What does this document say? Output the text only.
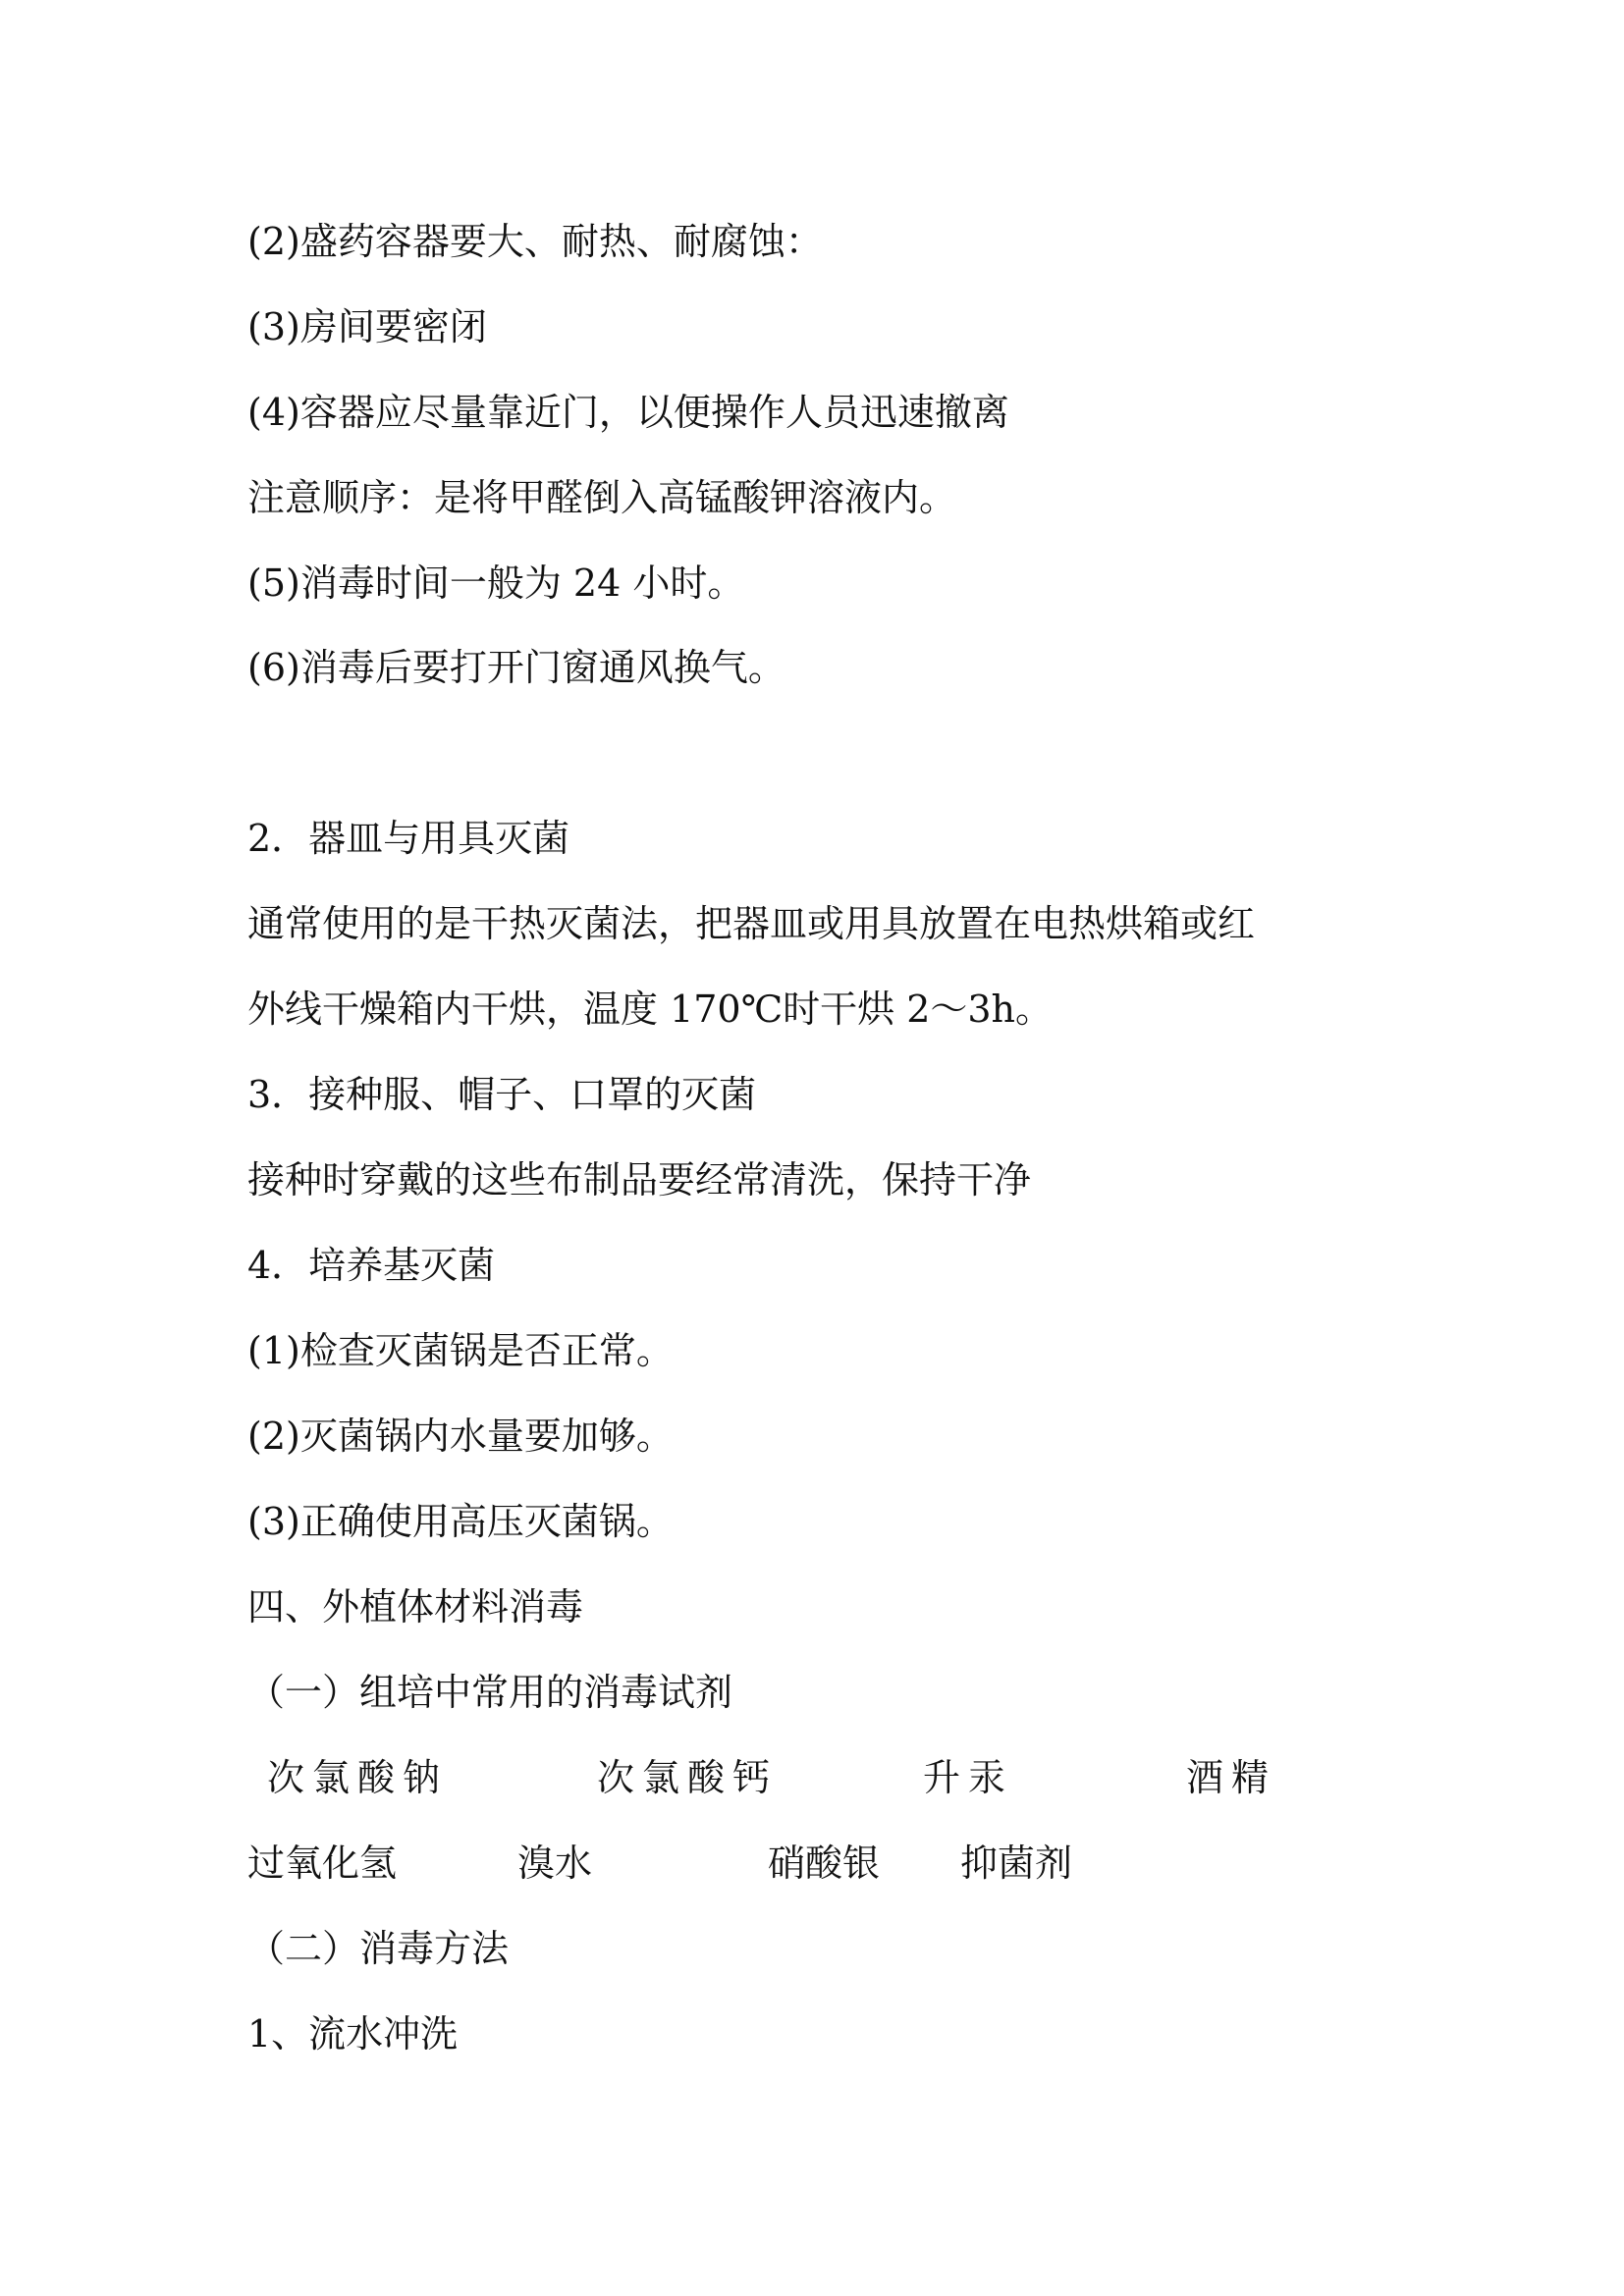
(2)盛药容器要大、耐热、耐腐蚀：
(3)房间要密闭
(4)容器应尽量靠近门，以便操作人员迅速撤离
注意顺序：是将甲醛倒入高锰酸钾溶液内。
(5)消毒时间一般为 24 小时。
(6)消毒后要打开门窗通风换气。
2．器皿与用具灭菌
通常使用的是干热灭菌法，把器皿或用具放置在电热烘箱或红
外线干燥箱内干烘，温度 170℃时干烘 2～3h。
3．接种服、帽子、口罩的灭菌
接种时穿戴的这些布制品要经常清洗，保持干净
4．培养基灭菌
(1)检查灭菌锅是否正常。
(2)灭菌锅内水量要加够。
(3)正确使用高压灭菌锅。
四、外植体材料消毒
（一）组培中常用的消毒试剂
次氯酸钠	次氯酸钙	升汞	酒精
过氧化氢	溴水	硝酸银 抑菌剂
（二）消毒方法
1、流水冲洗
